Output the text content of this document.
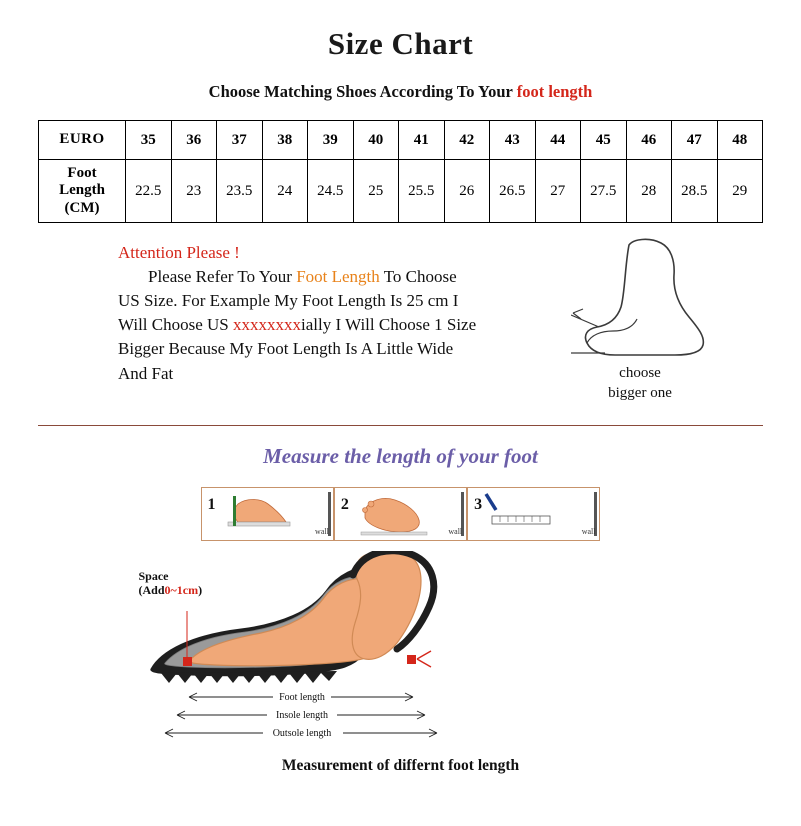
Size Chart
Choose Matching Shoes According To Your foot length
EURO	35	36	37	38	39	40	41	42	43	44	45	46	47	48

Foot
Length
(CM)	22.5	23	23.5	24	24.5	25	25.5	26	26.5	27	27.5	28	28.5	29
Attention Please !
Please Refer To Your Foot Length To Choose
US Size. For Example My Foot Length Is 25 cm I
Will Choose US xxxxxxxxially I Will Choose 1 Size
Bigger Because My Foot Length Is A Little Wide
And Fat	choose
bigger one
Measure the length of your foot
1
wall
2
wall
3
wall
Foot length
Insole length
Outsole length
Space
(Add0~1cm)
Measurement of differnt foot length
